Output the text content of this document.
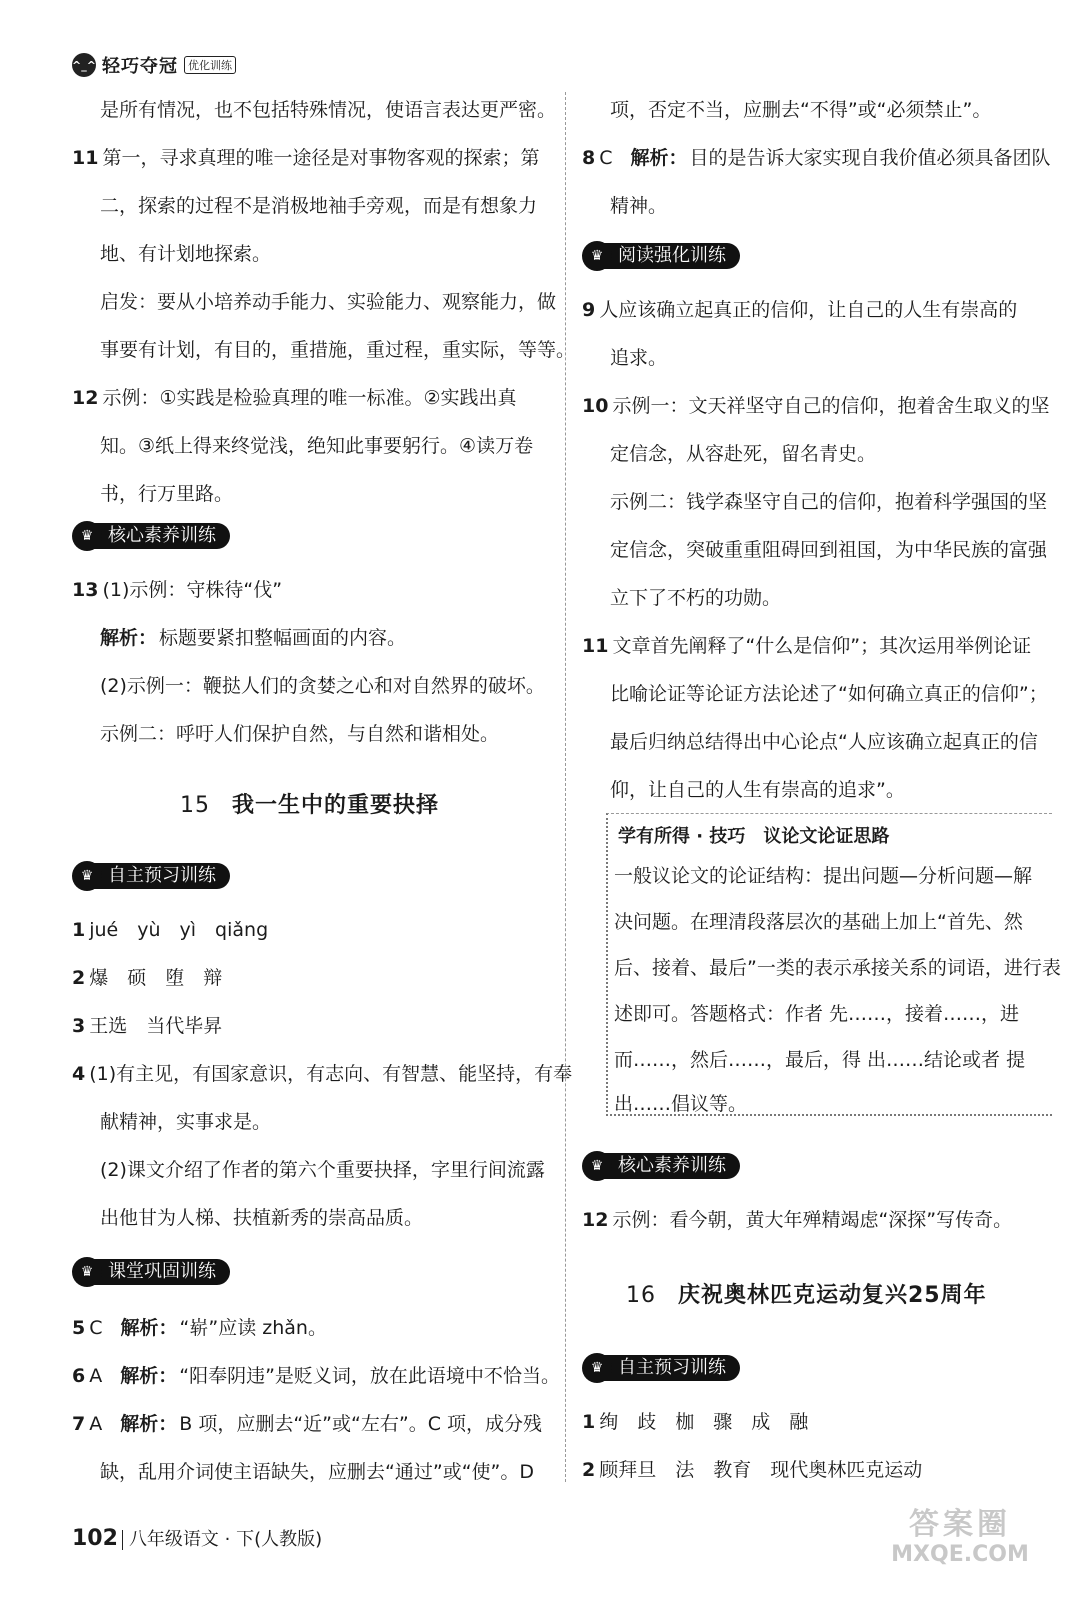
^_^ 轻巧夺冠 优化训练
是所有情况，也不包括特殊情况，使语言表达更严密。
11 第一，寻求真理的唯一途径是对事物客观的探索；第
二，探索的过程不是消极地袖手旁观，而是有想象力
地、有计划地探索。
启发：要从小培养动手能力、实验能力、观察能力，做
事要有计划，有目的，重措施，重过程，重实际，等等。
12 示例：①实践是检验真理的唯一标准。②实践出真
知。③纸上得来终觉浅，绝知此事要躬行。④读万卷
书，行万里路。
♛ 核心素养训练
13 (1)示例：守株待“伐”
解析： 标题要紧扣整幅画面的内容。
(2)示例一：鞭挞人们的贪婪之心和对自然界的破坏。
示例二：呼吁人们保护自然，与自然和谐相处。
15 我一生中的重要抉择
♛ 自主预习训练
1 jué　yù　yì　qiǎng
2 爆　硕　堕　辩
3 王选　当代毕昇
4 (1)有主见，有国家意识，有志向、有智慧、能坚持，有奉
献精神，实事求是。
(2)课文介绍了作者的第六个重要抉择，字里行间流露
出他甘为人梯、扶植新秀的崇高品质。
♛ 课堂巩固训练
5 C 解析： “崭”应读 zhǎn。
6 A 解析： “阳奉阴违”是贬义词，放在此语境中不恰当。
7 A 解析： B 项，应删去“近”或“左右”。C 项，成分残
缺，乱用介词使主语缺失，应删去“通过”或“使”。D
项，否定不当，应删去“不得”或“必须禁止”。
8 C 解析： 目的是告诉大家实现自我价值必须具备团队
精神。
♛ 阅读强化训练
9 人应该确立起真正的信仰，让自己的人生有崇高的
追求。
10 示例一：文天祥坚守自己的信仰，抱着舍生取义的坚
定信念，从容赴死，留名青史。
示例二：钱学森坚守自己的信仰，抱着科学强国的坚
定信念，突破重重阻碍回到祖国，为中华民族的富强
立下了不朽的功勋。
11 文章首先阐释了“什么是信仰”；其次运用举例论证
比喻论证等论证方法论述了“如何确立真正的信仰”；
最后归纳总结得出中心论点“人应该确立起真正的信
仰，让自己的人生有崇高的追求”。
学有所得 · 技巧　议论文论证思路
一般议论文的论证结构：提出问题—分析问题—解
决问题。在理清段落层次的基础上加上“首先、然
后、接着、最后”一类的表示承接关系的词语，进行表
述即可。答题格式：作者 先……，接着……，进
而……，然后……，最后，得 出……结论或者 提
出……倡议等。
♛ 核心素养训练
12 示例：看今朝，黄大年殚精竭虑“深探”写传奇。
16 庆祝奥林匹克运动复兴25周年
♛ 自主预习训练
1 绚　歧　枷　骤　成　融
2 顾拜旦　法　教育　现代奥林匹克运动
102 八年级语文 · 下(人教版)	答案圈
MXQE.COM
